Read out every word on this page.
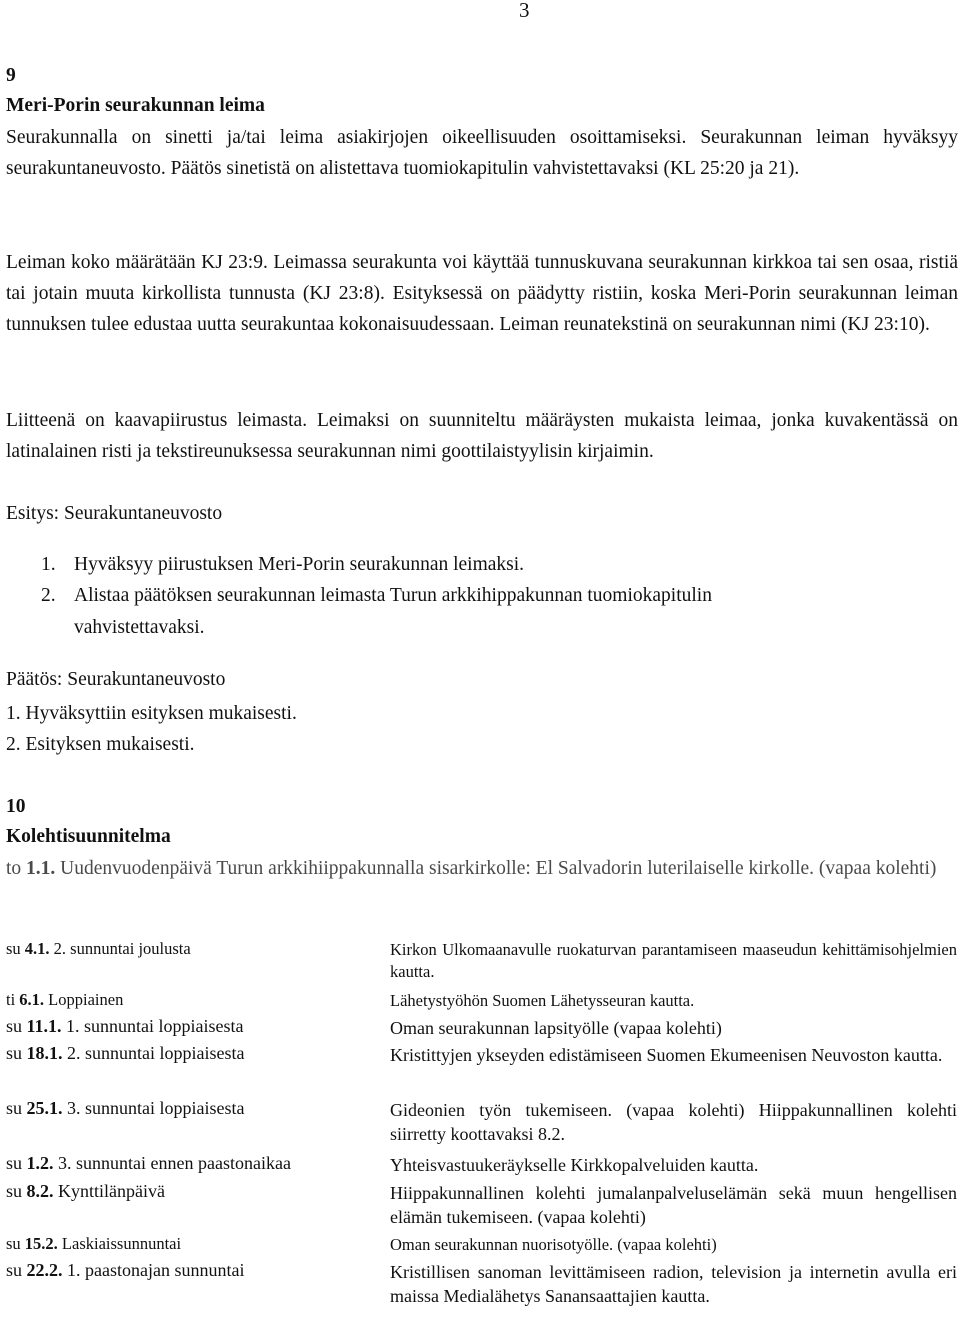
3
9
Meri-Porin seurakunnan leima

Seurakunnalla on sinetti ja/tai leima asiakirjojen oikeellisuuden osoittamiseksi. Seurakunnan leiman hyväksyy seurakuntaneuvosto. Päätös sinetistä on alistettava tuomiokapitulin vahvistettavaksi (KL 25:20 ja 21).

Leiman koko määrätään KJ 23:9. Leimassa seurakunta voi käyttää tunnuskuvana seurakunnan kirkkoa tai sen osaa, ristiä tai jotain muuta kirkollista tunnusta (KJ 23:8). Esityksessä on päädytty ristiin, koska Meri-Porin seurakunnan leiman tunnuksen tulee edustaa uutta seurakuntaa kokonaisuudessaan. Leiman reunatekstinä on seurakunnan nimi (KJ 23:10).

Liitteenä on kaavapiirustus leimasta. Leimaksi on suunniteltu määräysten mukaista leimaa, jonka kuvakentässä on latinalainen risti ja tekstireunuksessa seurakunnan nimi goottilaistyylisin kirjaimin.

Esitys: Seurakuntaneuvosto
1. Hyväksyy piirustuksen Meri-Porin seurakunnan leimaksi.
2. Alistaa päätöksen seurakunnan leimasta Turun arkkihippakunnan tuomiokapitulin
vahvistettavaksi.
Päätös: Seurakuntaneuvosto
1. Hyväksyttiin esityksen mukaisesti.
2. Esityksen mukaisesti.
10
Kolehtisuunnitelma

to 1.1. Uudenvuodenpäivä Turun arkkihiippakunnalla sisarkirkolle: El Salvadorin luterilaiselle kirkolle. (vapaa kolehti)

su 4.1. 2. sunnuntai joulusta	Kirkon Ulkomaanavulle ruokaturvan parantamiseen maaseudun kehittämisohjelmien kautta.
ti 6.1. Loppiainen	Lähetystyöhön Suomen Lähetysseuran kautta.
su 11.1. 1. sunnuntai loppiaisesta	Oman seurakunnan lapsityölle (vapaa kolehti)
su 18.1. 2. sunnuntai loppiaisesta	Kristittyjen ykseyden edistämiseen Suomen Ekumeenisen Neuvoston kautta.
su 25.1. 3. sunnuntai loppiaisesta	Gideonien työn tukemiseen. (vapaa kolehti) Hiippakunnallinen kolehti siirretty koottavaksi 8.2.
su 1.2. 3. sunnuntai ennen paastonaikaa	Yhteisvastuukeräykselle Kirkkopalveluiden kautta.
su 8.2. Kynttilänpäivä	Hiippakunnallinen kolehti jumalanpalveluselämän sekä muun hengellisen elämän tukemiseen. (vapaa kolehti)
su 15.2. Laskiaissunnuntai	Oman seurakunnan nuorisotyölle. (vapaa kolehti)
su 22.2. 1. paastonajan sunnuntai	Kristillisen sanoman levittämiseen radion, television ja internetin avulla eri maissa Medialähetys Sanansaattajien kautta.
